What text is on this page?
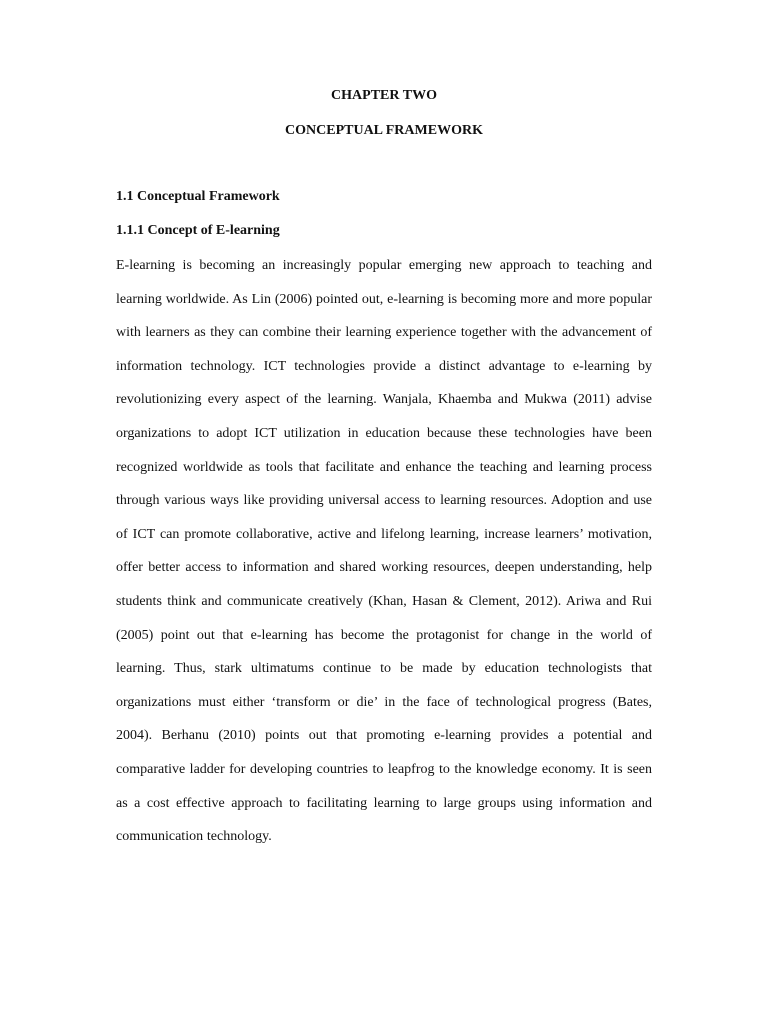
CHAPTER TWO

CONCEPTUAL FRAMEWORK

1.1 Conceptual Framework

1.1.1 Concept of E-learning

E-learning is becoming an increasingly popular emerging new approach to teaching and learning worldwide. As Lin (2006) pointed out, e-learning is becoming more and more popular with learners as they can combine their learning experience together with the advancement of information technology. ICT technologies provide a distinct advantage to e-learning by revolutionizing every aspect of the learning. Wanjala, Khaemba and Mukwa (2011) advise organizations to adopt ICT utilization in education because these technologies have been recognized worldwide as tools that facilitate and enhance the teaching and learning process through various ways like providing universal access to learning resources. Adoption and use of ICT can promote collaborative, active and lifelong learning, increase learners’ motivation, offer better access to information and shared working resources, deepen understanding, help students think and communicate creatively (Khan, Hasan & Clement, 2012). Ariwa and Rui (2005) point out that e-learning has become the protagonist for change in the world of learning. Thus, stark ultimatums continue to be made by education technologists that organizations must either ‘transform or die’ in the face of technological progress (Bates, 2004). Berhanu (2010) points out that promoting e-learning provides a potential and comparative ladder for developing countries to leapfrog to the knowledge economy. It is seen as a cost effective approach to facilitating learning to large groups using information and communication technology.
